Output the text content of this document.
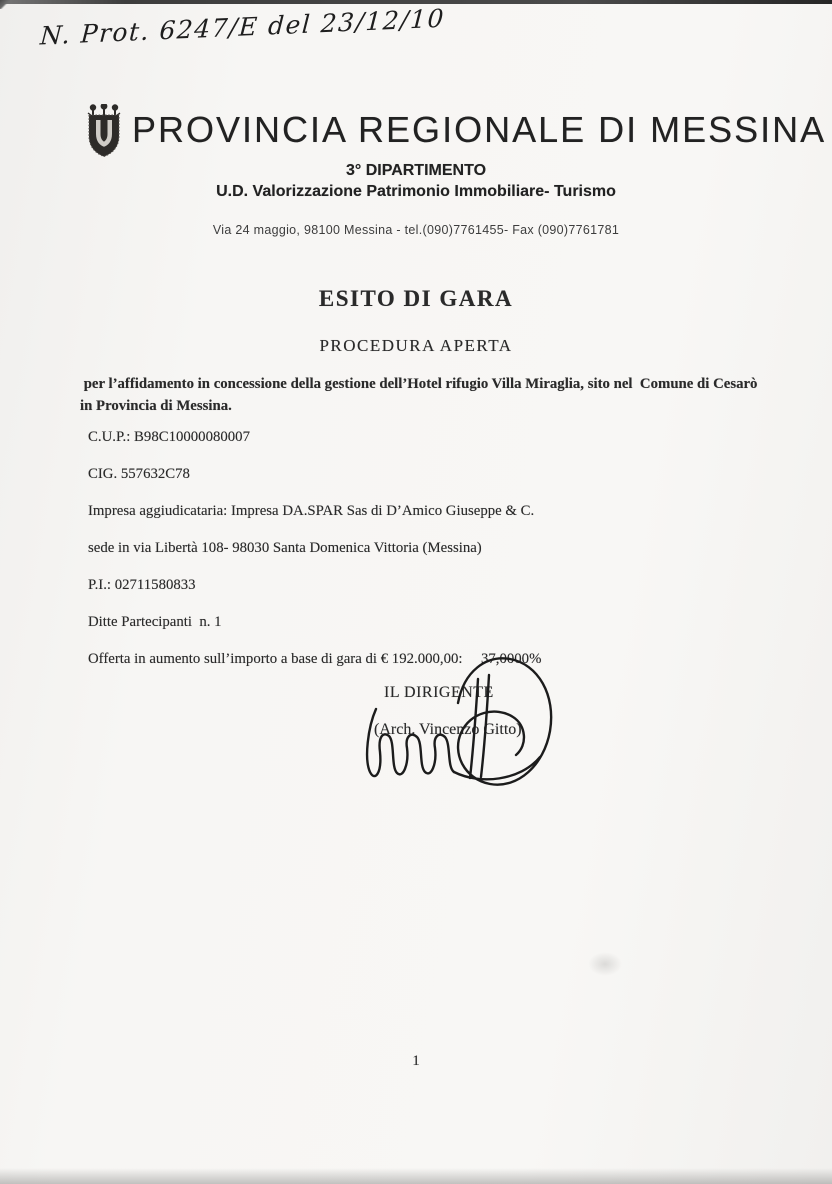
N. Prot. 6247/E del 23/12/10
PROVINCIA REGIONALE DI MESSINA
3° DIPARTIMENTO
U.D. Valorizzazione Patrimonio Immobiliare- Turismo
Via 24 maggio, 98100 Messina - tel.(090)7761455- Fax (090)7761781
ESITO DI GARA
PROCEDURA APERTA

per l’affidamento in concessione della gestione dell’Hotel rifugio Villa Miraglia, sito nel  Comune di Cesarò in Provincia di Messina.

C.U.P.: B98C10000080007

CIG. 557632C78

Impresa aggiudicataria: Impresa DA.SPAR Sas di D’Amico Giuseppe & C.

sede in via Libertà 108- 98030 Santa Domenica Vittoria (Messina)

P.I.: 02711580833

Ditte Partecipanti  n. 1

Offerta in aumento sull’importo a base di gara di € 192.000,00:     37,0000%

IL DIRIGENTE
(Arch. Vincenzo Gitto)
1
